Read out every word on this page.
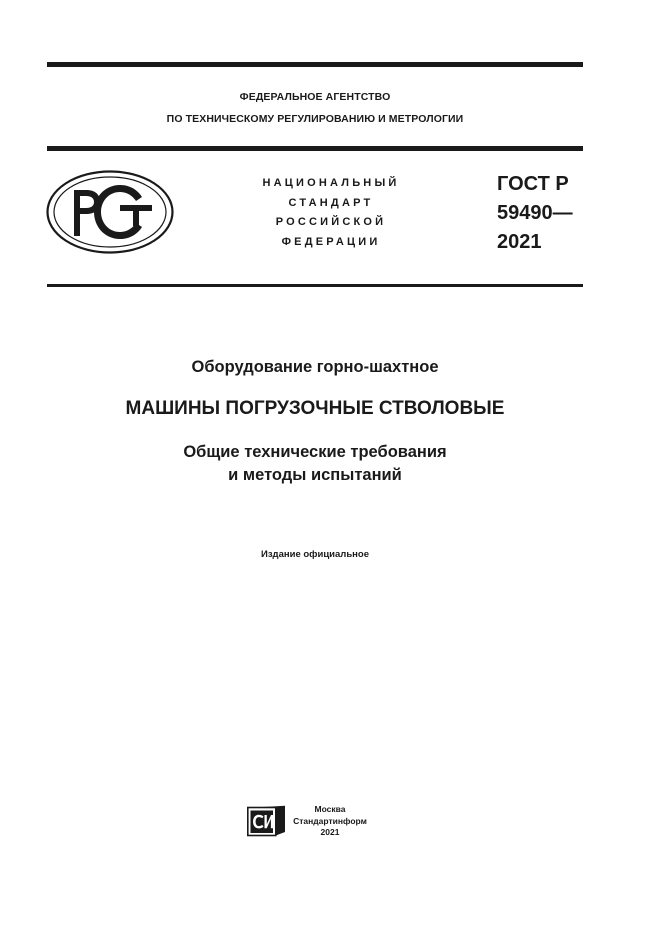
ФЕДЕРАЛЬНОЕ АГЕНТСТВО
ПО ТЕХНИЧЕСКОМУ РЕГУЛИРОВАНИЮ И МЕТРОЛОГИИ
НАЦИОНАЛЬНЫЙ
СТАНДАРТ
РОССИЙСКОЙ
ФЕДЕРАЦИИ
ГОСТ Р
59490—
2021
Оборудование горно-шахтное
МАШИНЫ ПОГРУЗОЧНЫЕ СТВОЛОВЫЕ
Общие технические требования
и методы испытаний
Издание официальное
Москва
Стандартинформ
2021
